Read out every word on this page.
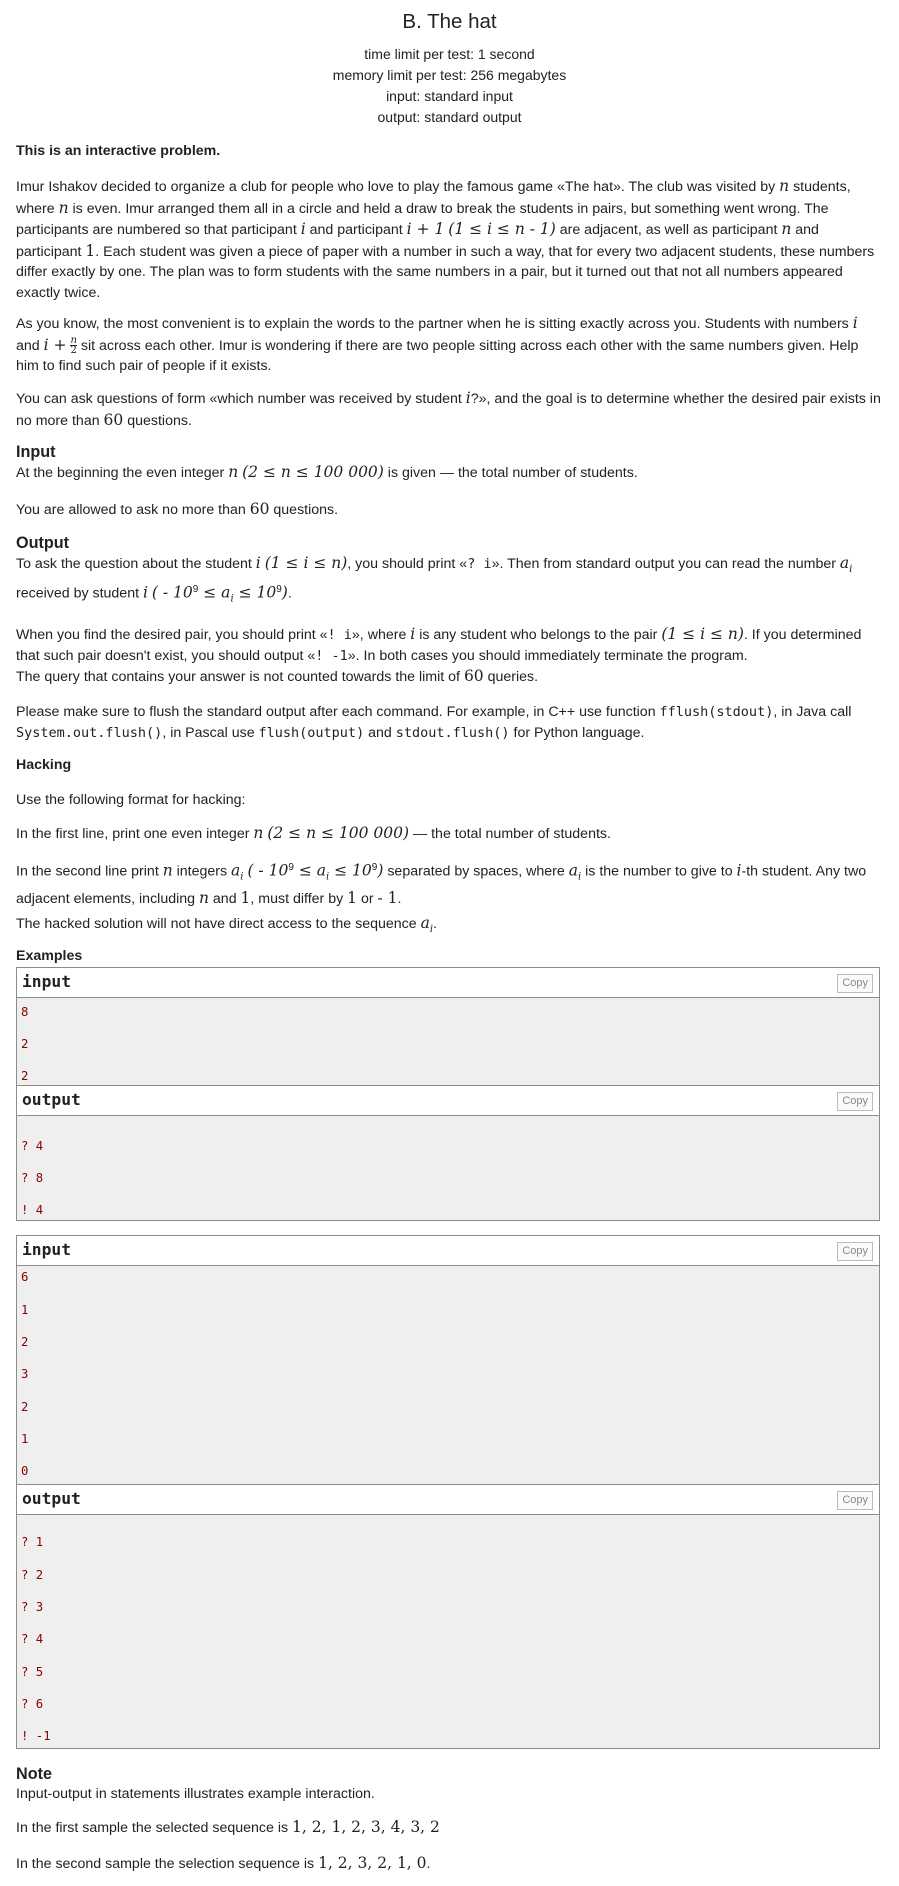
B. The hat
time limit per test: 1 second
memory limit per test: 256 megabytes
input: standard input
output: standard output

This is an interactive problem.

Imur Ishakov decided to organize a club for people who love to play the famous game «The hat». The club was visited by n students, where n is even. Imur arranged them all in a circle and held a draw to break the students in pairs, but something went wrong. The participants are numbered so that participant i and participant i + 1 (1 ≤ i ≤ n - 1) are adjacent, as well as participant n and participant 1. Each student was given a piece of paper with a number in such a way, that for every two adjacent students, these numbers differ exactly by one. The plan was to form students with the same numbers in a pair, but it turned out that not all numbers appeared exactly twice.

As you know, the most convenient is to explain the words to the partner when he is sitting exactly across you. Students with numbers i and $i + \frac{n}{2}$ sit across each other. Imur is wondering if there are two people sitting across each other with the same numbers given. Help him to find such pair of people if it exists.

You can ask questions of form «which number was received by student i?», and the goal is to determine whether the desired pair exists in no more than 60 questions.

Input

At the beginning the even integer n (2 ≤ n ≤ 100 000) is given — the total number of students.

You are allowed to ask no more than 60 questions.

Output

To ask the question about the student i (1 ≤ i ≤ n), you should print «? i». Then from standard output you can read the number $a_i$
received by student i ( - $10^9 \le a_i \le 10^9$).

When you find the desired pair, you should print «! i», where i is any student who belongs to the pair (1 ≤ i ≤ n). If you determined that such pair doesn't exist, you should output «! -1». In both cases you should immediately terminate the program.

The query that contains your answer is not counted towards the limit of 60 queries.

Please make sure to flush the standard output after each command. For example, in C++ use function fflush(stdout), in Java call
System.out.flush(), in Pascal use flush(output) and stdout.flush() for Python language.

Hacking

Use the following format for hacking:

In the first line, print one even integer n (2 ≤ n ≤ 100 000) — the total number of students.

In the second line print n integers $a_i$ ( - $10^9 \le a_i \le 10^9$) separated by spaces, where $a_i$ is the number to give to i-th student. Any two adjacent elements, including n and 1, must differ by 1 or - 1.

The hacked solution will not have direct access to the sequence $a_i$.

Examples
input	Copy
8
2
2
output	Copy
? 4
? 8
! 4
input	Copy
6
1
2
3
2
1
0
output	Copy
? 1
? 2
? 3
? 4
? 5
? 6
! -1
Note

Input-output in statements illustrates example interaction.

In the first sample the selected sequence is 1, 2, 1, 2, 3, 4, 3, 2

In the second sample the selection sequence is 1, 2, 3, 2, 1, 0.
